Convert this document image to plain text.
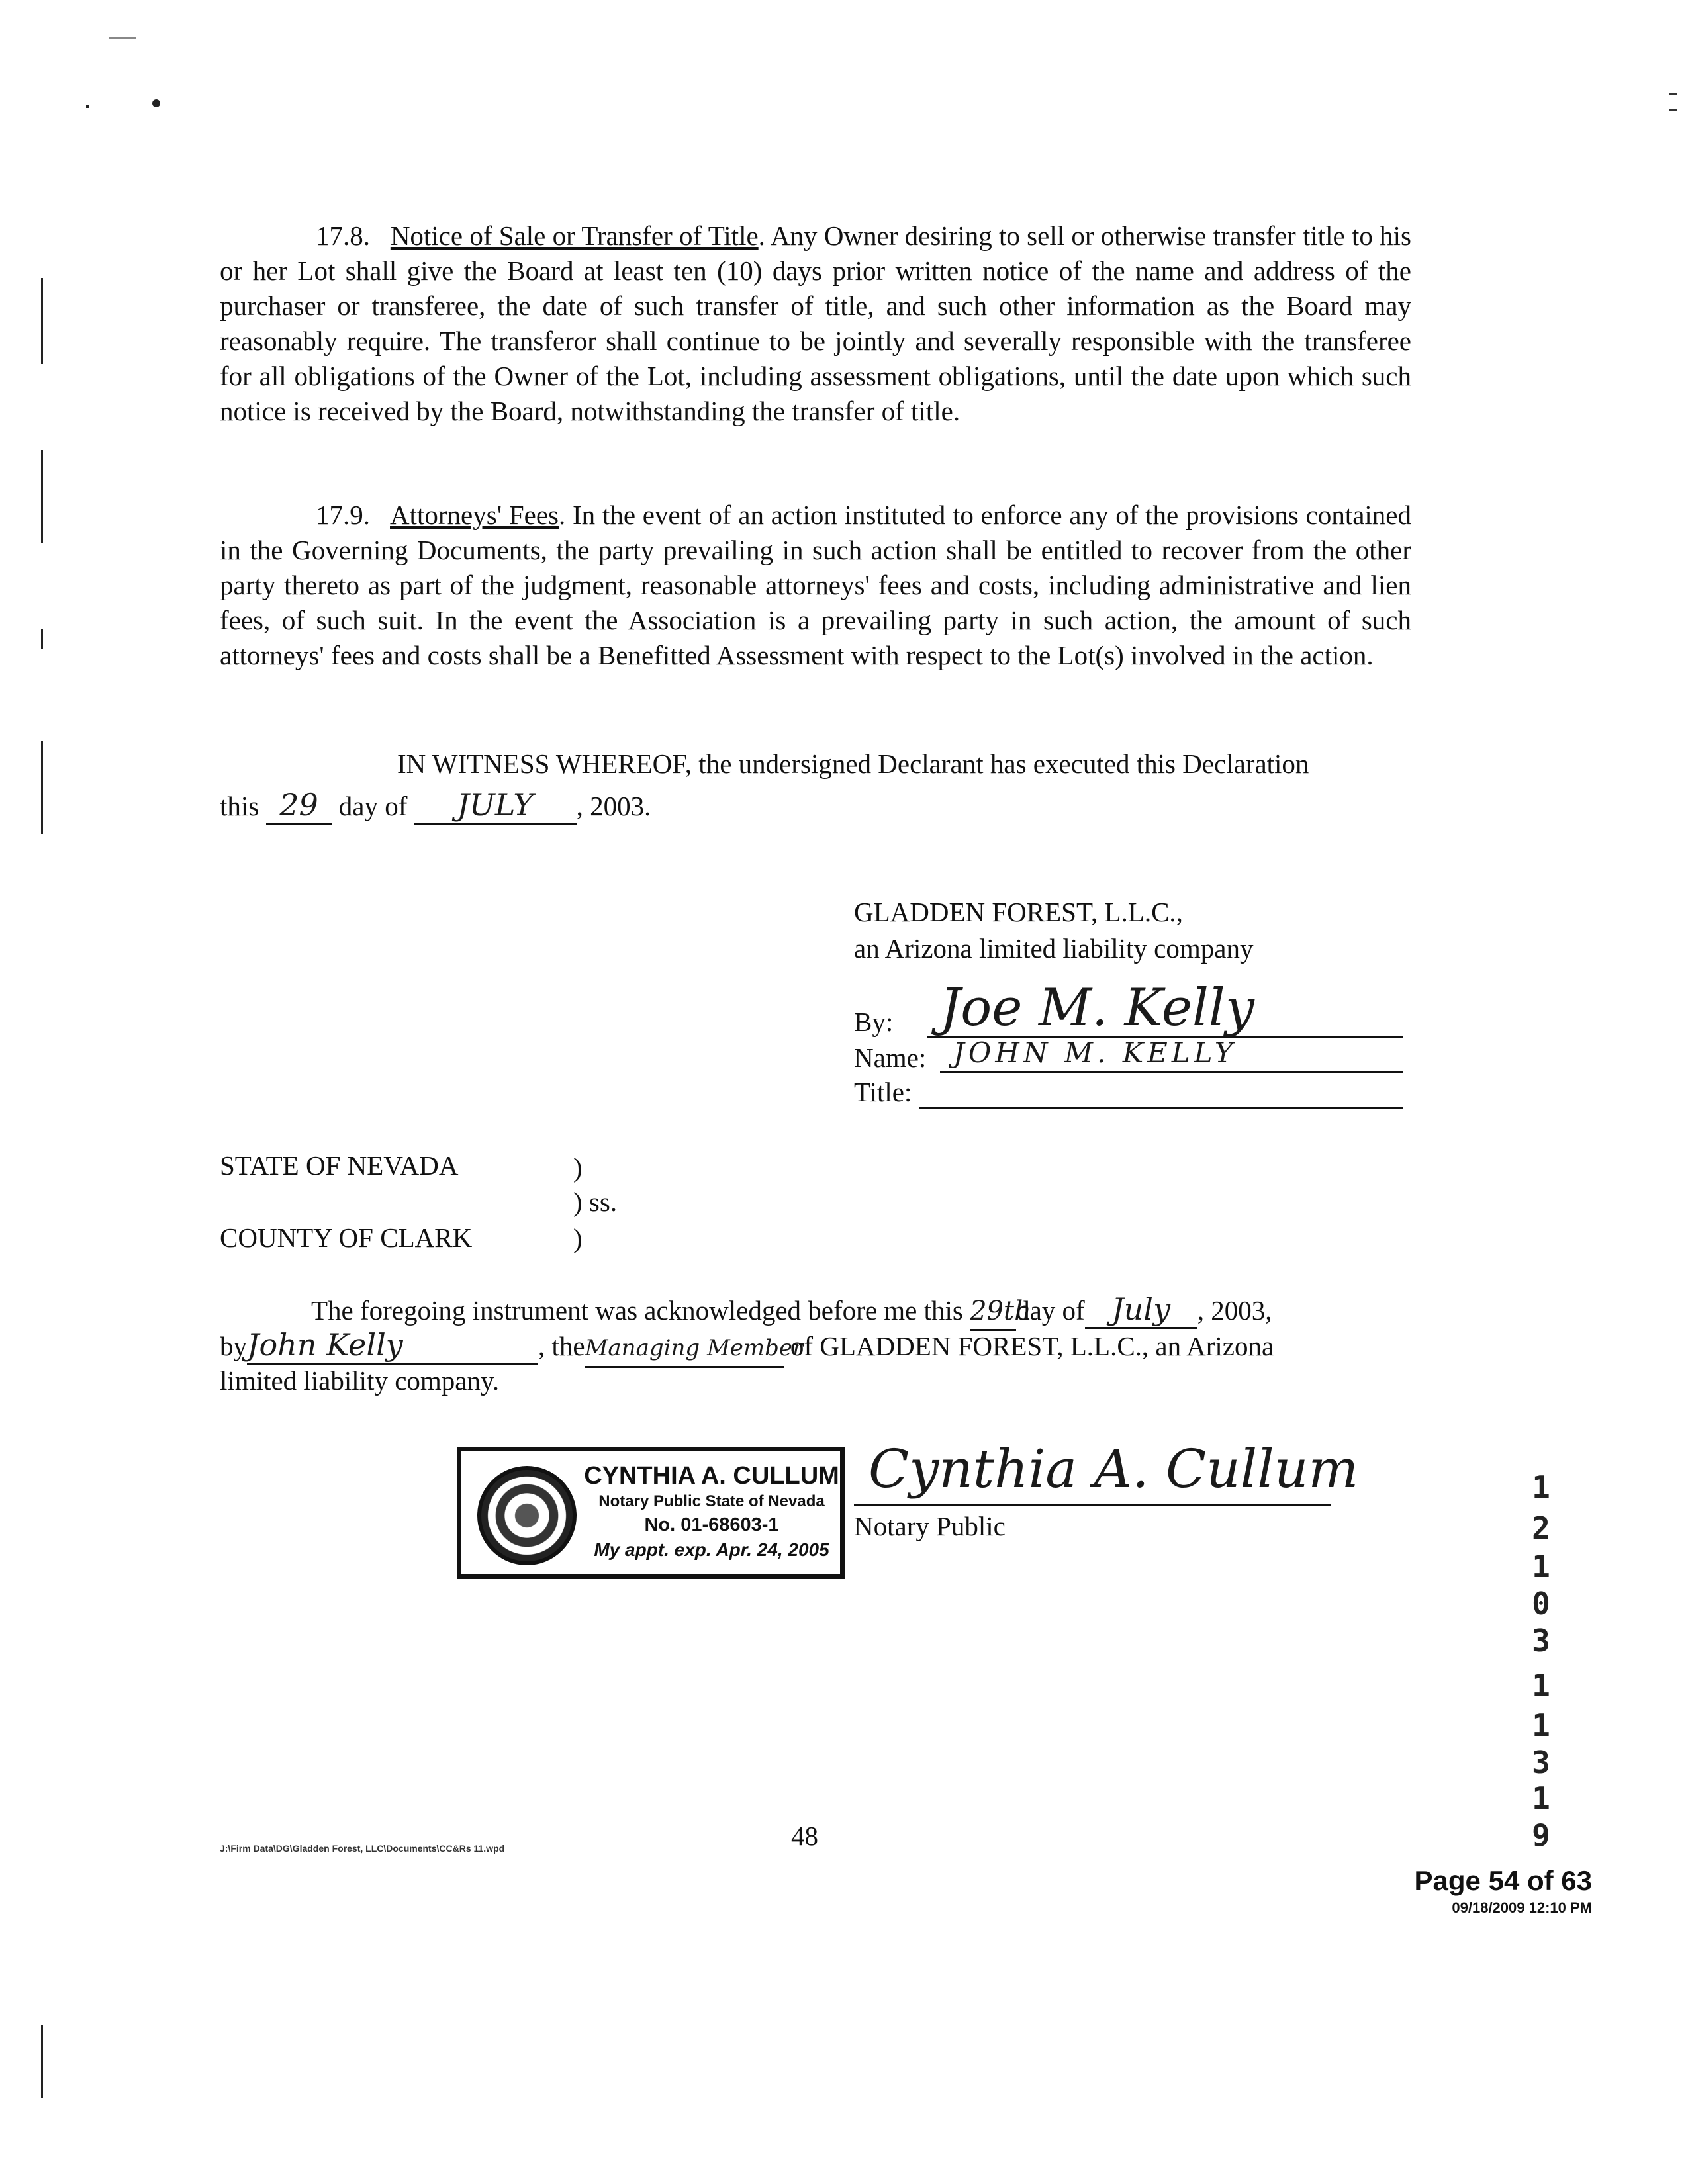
—
17.8. Notice of Sale or Transfer of Title. Any Owner desiring to sell or otherwise transfer title to his or her Lot shall give the Board at least ten (10) days prior written notice of the name and address of the purchaser or transferee, the date of such transfer of title, and such other information as the Board may reasonably require. The transferor shall continue to be jointly and severally responsible with the transferee for all obligations of the Owner of the Lot, including assessment obligations, until the date upon which such notice is received by the Board, notwithstanding the transfer of title.
17.9. Attorneys' Fees. In the event of an action instituted to enforce any of the provisions contained in the Governing Documents, the party prevailing in such action shall be entitled to recover from the other party thereto as part of the judgment, reasonable attorneys' fees and costs, including administrative and lien fees, of such suit. In the event the Association is a prevailing party in such action, the amount of such attorneys' fees and costs shall be a Benefitted Assessment with respect to the Lot(s) involved in the action.
IN WITNESS WHEREOF, the undersigned Declarant has executed this Declaration
this 29 day of JULY , 2003.
GLADDEN FOREST, L.L.C.,
an Arizona limited liability company
By: Joe M. Kelly
Name: JOHN M. KELLY
Title:
STATE OF NEVADA	)
) ss.
COUNTY OF CLARK	)
The foregoing instrument was acknowledged before me this 29thday of July , 2003,
byJohn Kelly	, theManaging Member of GLADDEN FOREST, L.L.C., an Arizona
limited liability company.
CYNTHIA A. CULLUM
Notary Public State of Nevada
No. 01-68603-1
My appt. exp. Apr. 24, 2005
Cynthia A. Cullum
Notary Public
1
2
1
0
3
1
1
3
1
9
J:\Firm Data\DG\Gladden Forest, LLC\Documents\CC&Rs 11.wpd	48
Page 54 of 63
09/18/2009 12:10 PM
